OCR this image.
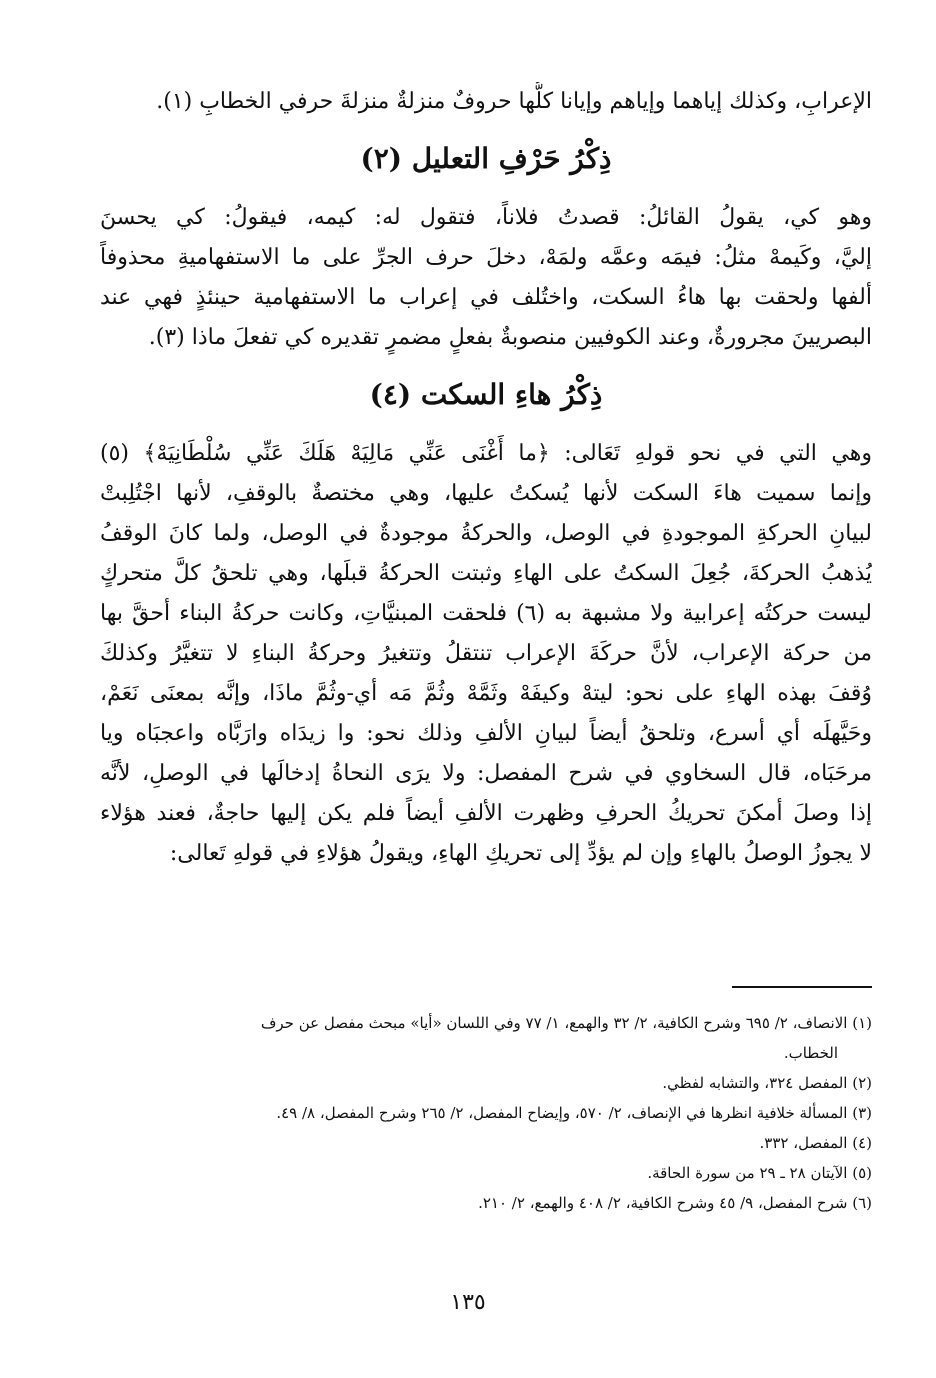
الإعرابِ، وكذلك إياهما وإياهم وإيانا كلُّها حروفٌ منزلةٌ منزلةَ حرفي الخطابِ (١).
ذِكْرُ حَرْفِ التعليل (٢)
وهو كي، يقولُ القائلُ: قصدتُ فلاناً، فتقول له: كيمه، فيقولُ: كي يحسنَ
إليَّ، وكَيمهْ مثلُ: فيمَه وعمَّه ولمَهْ، دخلَ حرف الجرِّ على ما الاستفهاميةِ محذوفاً
ألفها ولحقت بها هاءُ السكت، واختُلف في إعراب ما الاستفهامية حينئذٍ فهي عند
البصريينَ مجرورةٌ، وعند الكوفيين منصوبةٌ بفعلٍ مضمرٍ تقديره كي تفعلَ ماذا (٣).
ذِكْرُ هاءِ السكت (٤)
وهي التي في نحو قولهِ تَعَالى: ﴿ما أَغْنَى عَنِّي مَالِيَهْ هَلَكَ عَنِّي سُلْطَانِيَهْ﴾ (٥)
وإنما سميت هاءَ السكت لأنها يُسكتُ عليها، وهي مختصةٌ بالوقفِ، لأنها اجْتُلِبتْ
لبيانِ الحركةِ الموجودةِ في الوصل، والحركةُ موجودةٌ في الوصل، ولما كانَ الوقفُ
يُذهبُ الحركةَ، جُعِلَ السكتُ على الهاءِ وثبتت الحركةُ قبلَها، وهي تلحقُ كلَّ متحركٍ
ليست حركتُه إعرابية ولا مشبهة به (٦) فلحقت المبنيَّاتِ، وكانت حركةُ البناء أحقَّ بها
من حركة الإعراب، لأنَّ حركَةَ الإعراب تنتقلُ وتتغيرُ وحركةُ البناءِ لا تتغيَّرُ وكذلكَ
وُقفَ بهذه الهاءِ على نحو: ليتهْ وكيفَهْ وثَمَّهْ وثُمَّ مَه أي-وثُمَّ ماذَا، وإنَّه بمعنَى نَعَمْ،
وحَيَّهلَه أي أسرع، وتلحقُ أيضاً لبيانِ الألفِ وذلك نحو: وا زيدَاه وارَبَّاه واعجبَاه ويا
مرحَبَاه، قال السخاوي في شرح المفصل: ولا يرَى النحاةُ إدخالَها في الوصلِ، لأنَّه
إذا وصلَ أمكنَ تحريكُ الحرفِ وظهرت الألفِ أيضاً فلم يكن إليها حاجةٌ، فعند هؤلاء
لا يجوزُ الوصلُ بالهاءِ وإن لم يؤدِّ إلى تحريكِ الهاءِ، ويقولُ هؤلاءِ في قولهِ تَعالى:
(١) الانصاف، ٢/ ٦٩٥ وشرح الكافية، ٢/ ٣٢ والهمع، ١/ ٧٧ وفي اللسان «أيا» مبحث مفصل عن حرف
الخطاب.
(٢) المفصل ٣٢٤، والتشابه لفظي.
(٣) المسألة خلافية انظرها في الإنصاف، ٢/ ٥٧٠، وإيضاح المفصل، ٢/ ٢٦٥ وشرح المفصل، ٨/ ٤٩.
(٤) المفصل، ٣٣٢.
(٥) الآيتان ٢٨ ـ ٢٩ من سورة الحاقة.
(٦) شرح المفصل، ٩/ ٤٥ وشرح الكافية، ٢/ ٤٠٨ والهمع، ٢/ ٢١٠.
١٣٥
